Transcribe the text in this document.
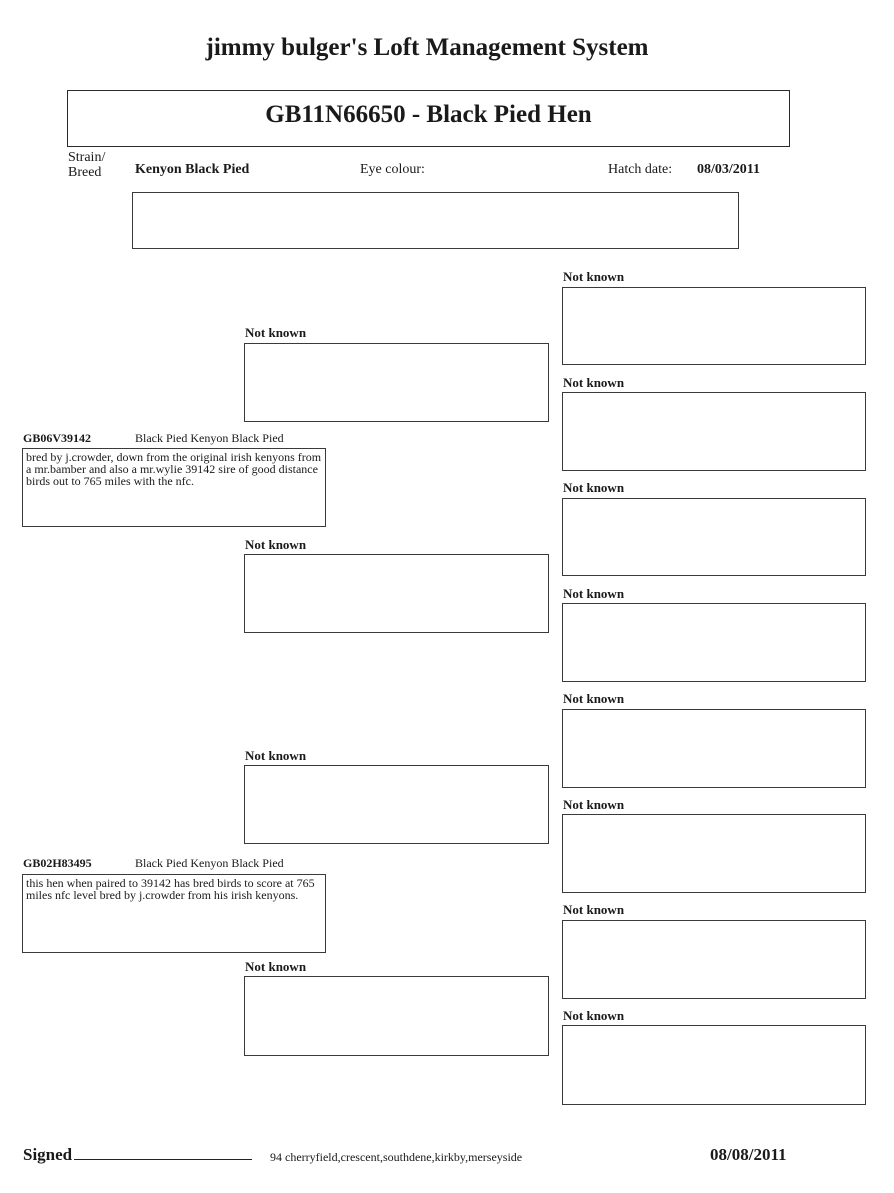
jimmy bulger's Loft Management System
GB11N66650 - Black Pied Hen
Strain/
Breed Kenyon Black Pied	Eye colour:	Hatch date: 08/03/2011
GB06V39142	Black Pied Kenyon Black Pied
bred by j.crowder, down from the original irish kenyons from a mr.bamber and also a mr.wylie 39142 sire of good distance birds out to 765 miles with the nfc.
GB02H83495	Black Pied Kenyon Black Pied
this hen when paired to 39142 has bred birds to score at 765 miles nfc level bred by j.crowder from his irish kenyons.
Not known
Not known
Not known
Not known
Not known
Not known
Not known
Not known
Not known
Not known
Not known
Not known
Signed	94 cherryfield,crescent,southdene,kirkby,merseyside	08/08/2011
